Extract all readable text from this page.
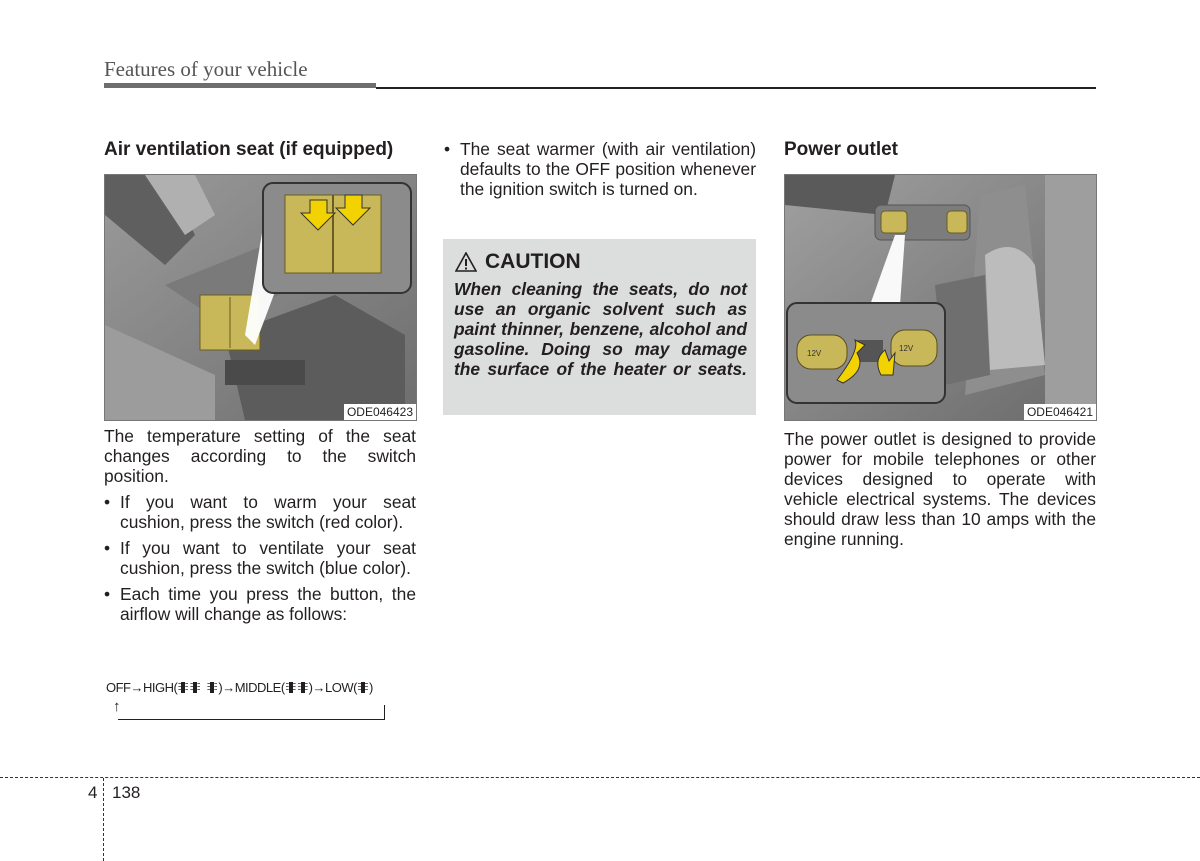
Features of your vehicle
Air ventilation seat (if equipped)
ODE046423
The temperature setting of the seat changes according to the switch position.
• If you want to warm your seat cushion, press the switch (red color).
• If you want to ventilate your seat cushion, press the switch (blue color).
• Each time you press the button, the airflow will change as follows:
OFF → HIGH (	) → MIDDLE ( ) → LOW ( )
↑
• The seat warmer (with air ventilation) defaults to the OFF position whenever the ignition switch is turned on.
CAUTION
When cleaning the seats, do not use an organic solvent such as paint thinner, benzene, alcohol and gasoline. Doing so may damage the surface of the heater or seats.
Power outlet
12V
12V
ODE046421
The power outlet is designed to provide power for mobile telephones or other devices designed to operate with vehicle electrical systems. The devices should draw less than 10 amps with the engine running.
4 138
